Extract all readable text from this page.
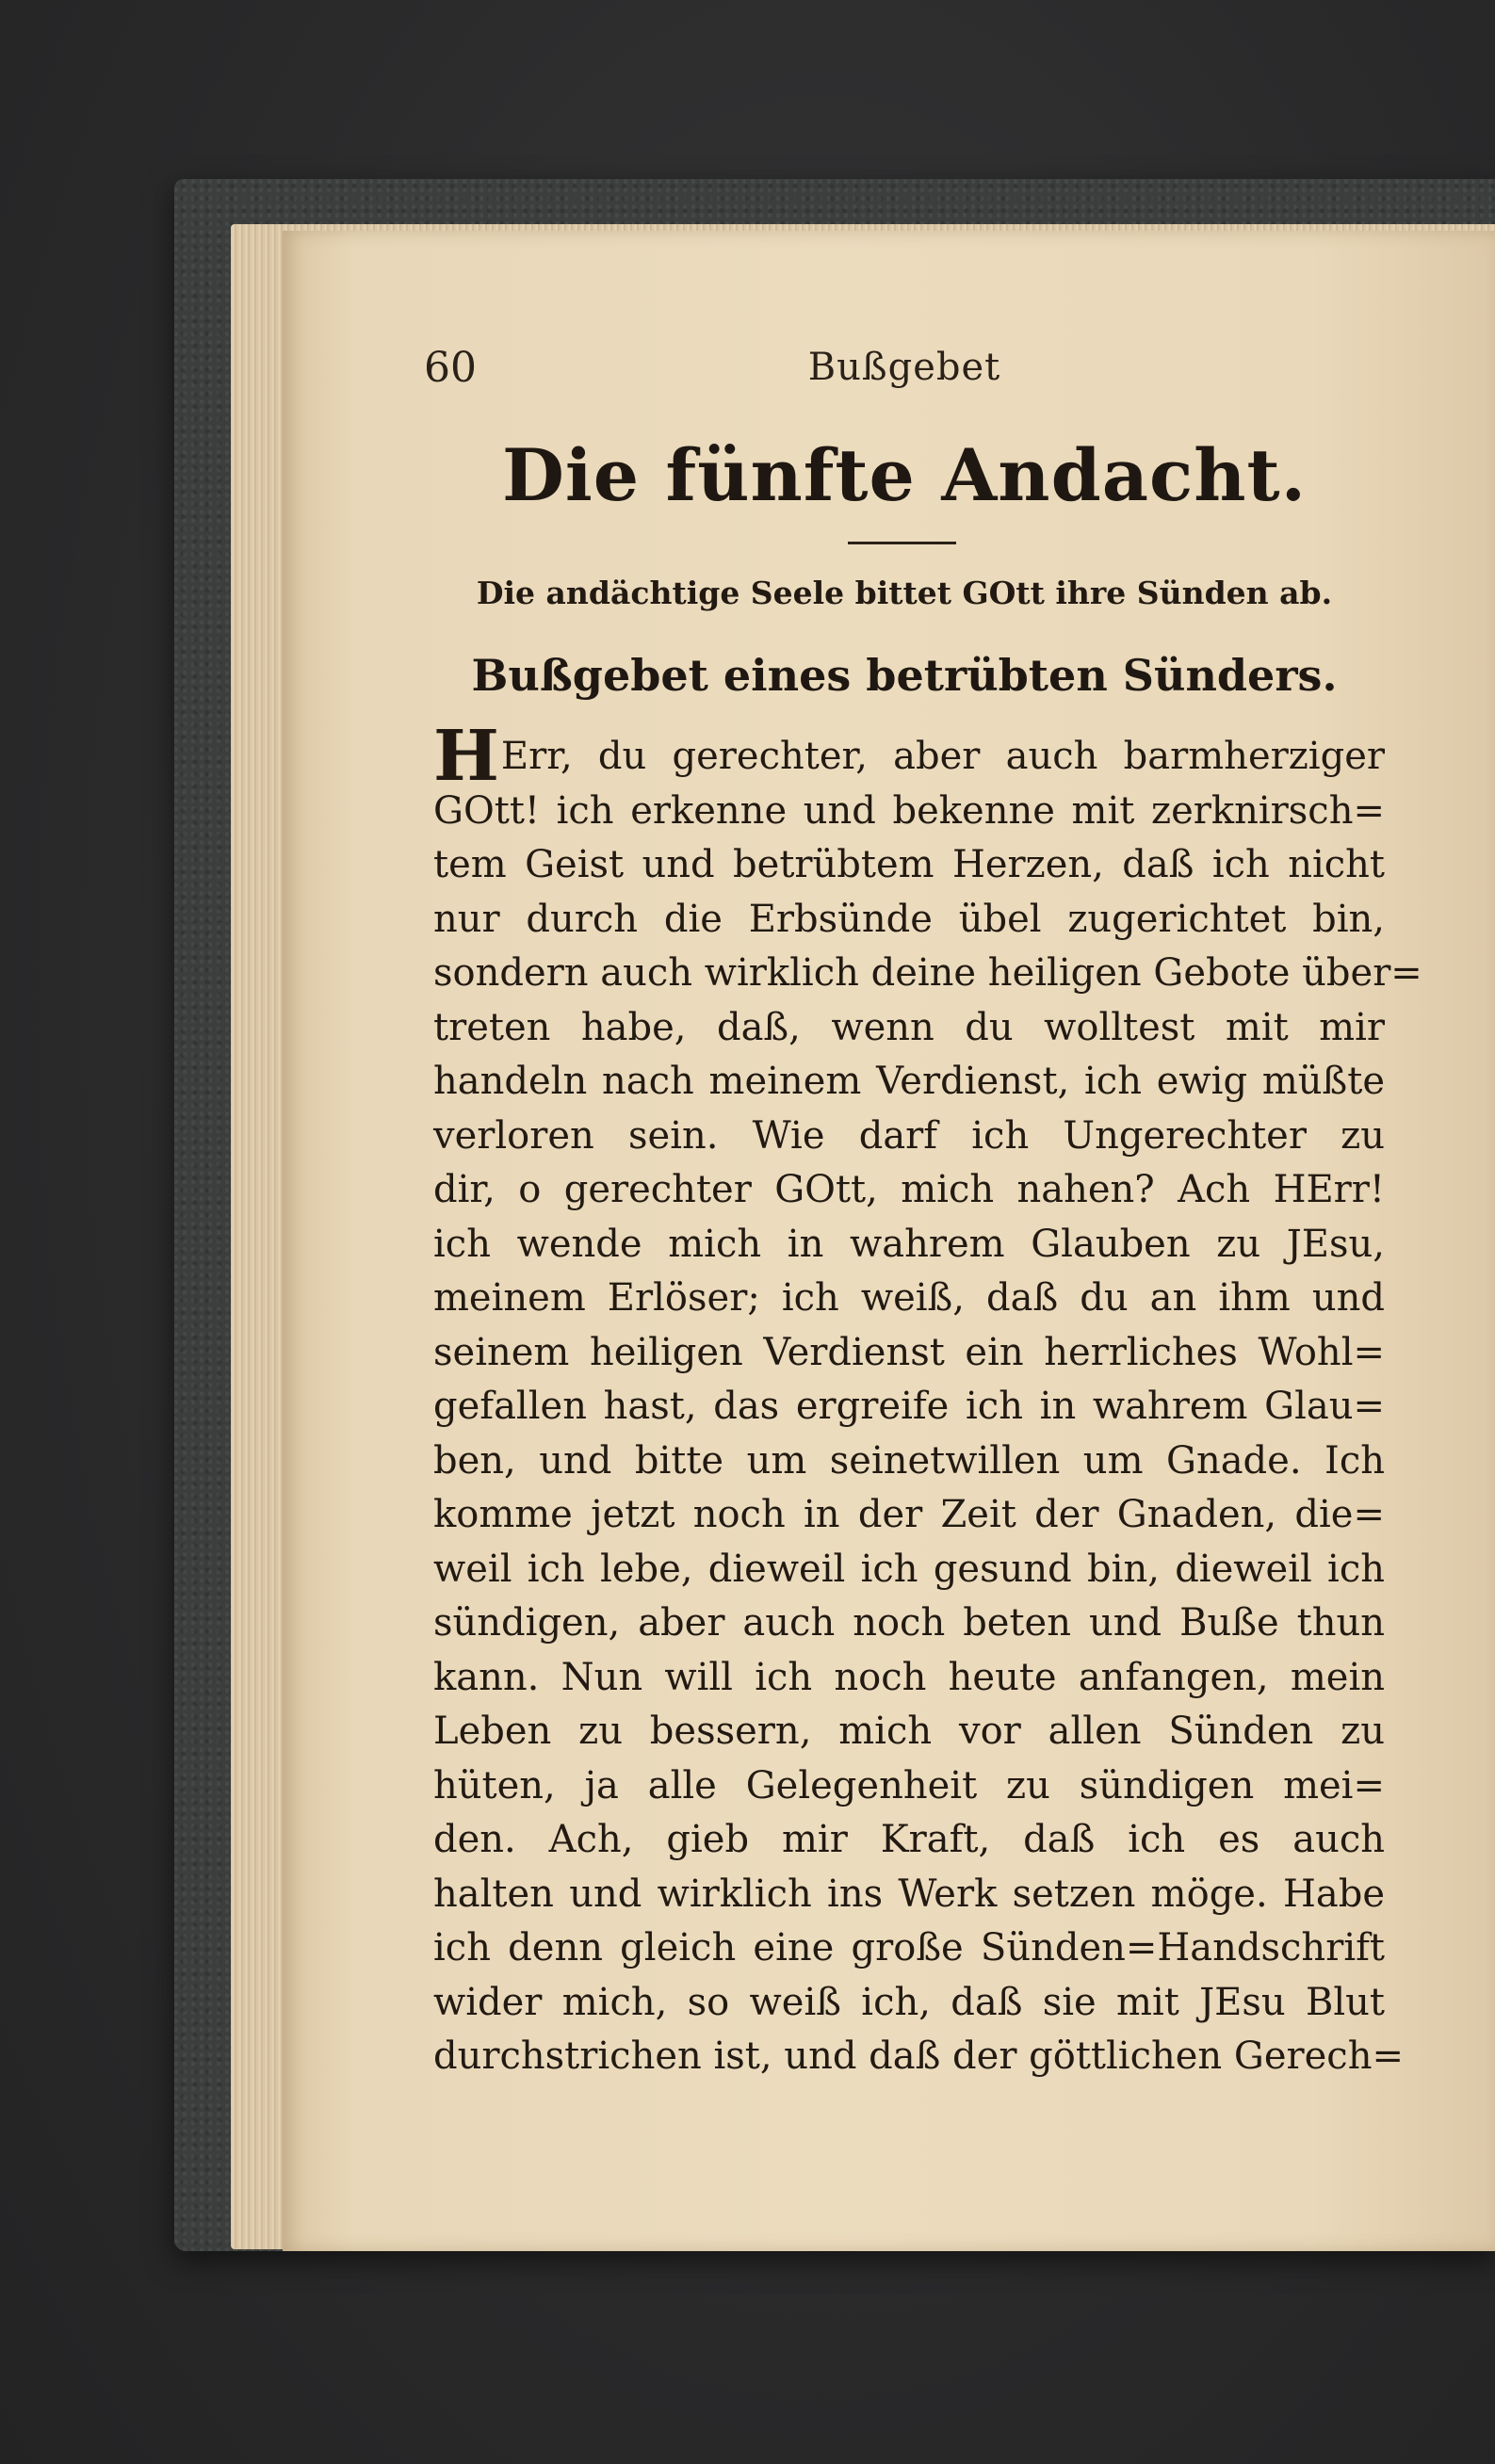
60	Bußgebet
Die fünfte Andacht.
Die andächtige Seele bittet GOtt ihre Sünden ab.
Bußgebet eines betrübten Sünders.
HErr, du gerechter, aber auch barmherziger
GOtt! ich erkenne und bekenne mit zerknirsch=
tem Geist und betrübtem Herzen, daß ich nicht
nur durch die Erbsünde übel zugerichtet bin,
sondern auch wirklich deine heiligen Gebote über=
treten habe, daß, wenn du wolltest mit mir
handeln nach meinem Verdienst, ich ewig müßte
verloren sein. Wie darf ich Ungerechter zu
dir, o gerechter GOtt, mich nahen? Ach HErr!
ich wende mich in wahrem Glauben zu JEsu,
meinem Erlöser; ich weiß, daß du an ihm und
seinem heiligen Verdienst ein herrliches Wohl=
gefallen hast, das ergreife ich in wahrem Glau=
ben, und bitte um seinetwillen um Gnade. Ich
komme jetzt noch in der Zeit der Gnaden, die=
weil ich lebe, dieweil ich gesund bin, dieweil ich
sündigen, aber auch noch beten und Buße thun
kann. Nun will ich noch heute anfangen, mein
Leben zu bessern, mich vor allen Sünden zu
hüten, ja alle Gelegenheit zu sündigen mei=
den. Ach, gieb mir Kraft, daß ich es auch
halten und wirklich ins Werk setzen möge. Habe
ich denn gleich eine große Sünden=Handschrift
wider mich, so weiß ich, daß sie mit JEsu Blut
durchstrichen ist, und daß der göttlichen Gerech=
